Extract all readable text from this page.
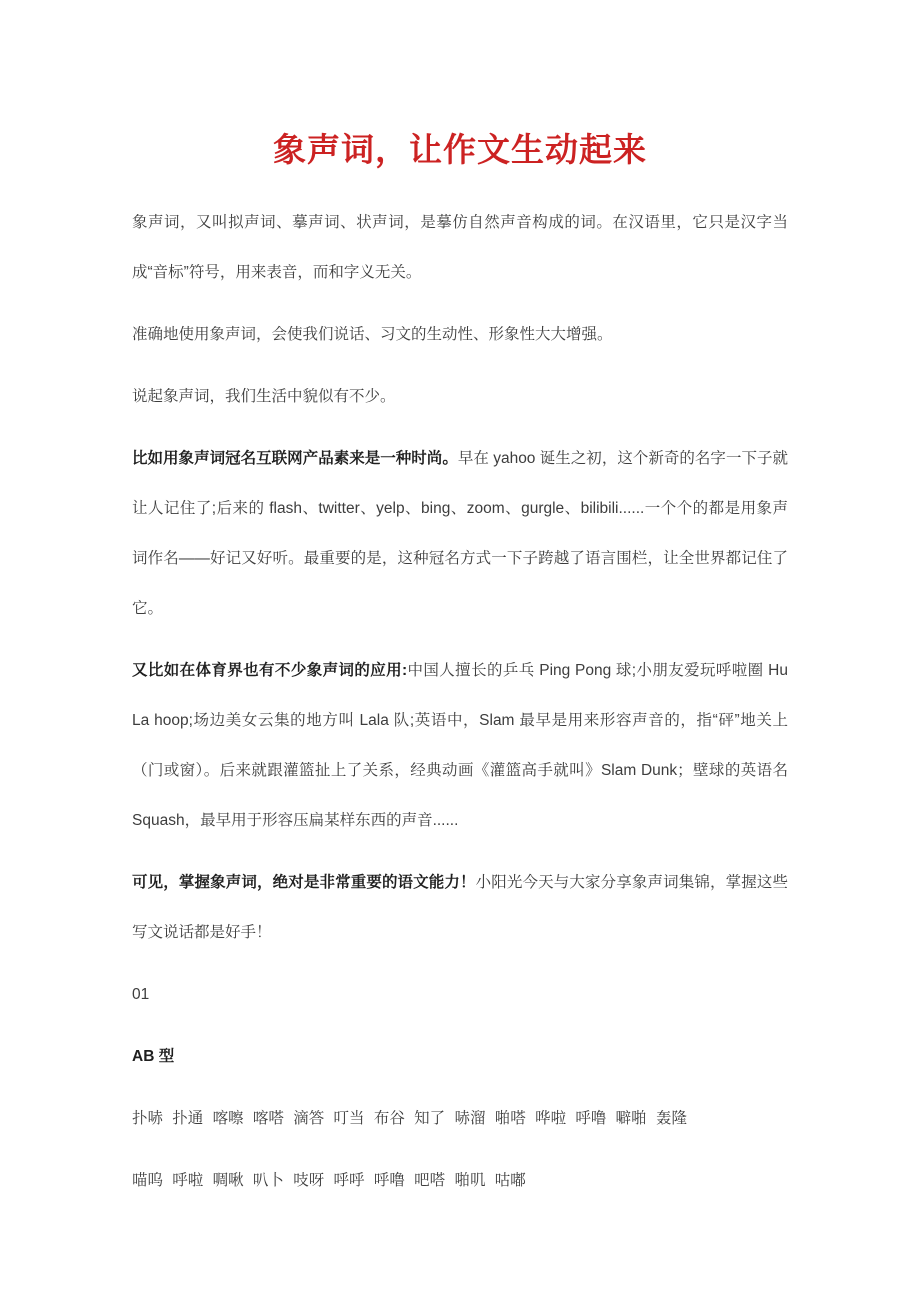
象声词，让作文生动起来

象声词，又叫拟声词、摹声词、状声词，是摹仿自然声音构成的词。在汉语里，它只是汉字当成“音标”符号，用来表音，而和字义无关。

准确地使用象声词，会使我们说话、习文的生动性、形象性大大增强。

说起象声词，我们生活中貌似有不少。

比如用象声词冠名互联网产品素来是一种时尚。早在 yahoo 诞生之初，这个新奇的名字一下子就让人记住了;后来的 flash、twitter、yelp、bing、zoom、gurgle、bilibili......一个个的都是用象声词作名——好记又好听。最重要的是，这种冠名方式一下子跨越了语言围栏，让全世界都记住了它。

又比如在体育界也有不少象声词的应用:中国人擅长的乒乓 Ping Pong 球;小朋友爱玩呼啦圈 Hu La hoop;场边美女云集的地方叫 Lala 队;英语中，Slam 最早是用来形容声音的，指“砰”地关上（门或窗）。后来就跟灌篮扯上了关系，经典动画《灌篮高手就叫》Slam Dunk；壁球的英语名 Squash，最早用于形容压扁某样东西的声音......

可见，掌握象声词，绝对是非常重要的语文能力！小阳光今天与大家分享象声词集锦，掌握这些写文说话都是好手！

01

AB 型

扑哧 扑通 喀嚓 喀嗒 滴答 叮当 布谷 知了 哧溜 啪嗒 哗啦 呼噜 噼啪 轰隆

喵呜 呼啦 啁啾 叭卜 吱呀 呼呼 呼噜 吧嗒 啪叽 咕嘟
